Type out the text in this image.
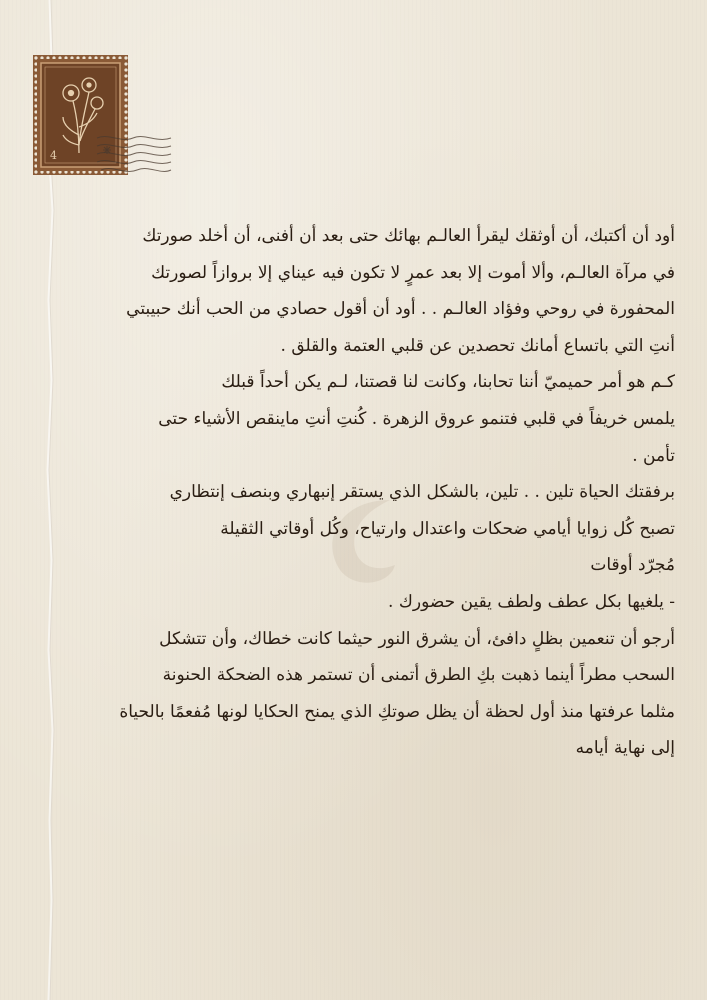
4
أود أن أكتبك، أن أوثقك ليقرأ العالـم بهائك حتى بعد أن أفنى، أن أخلد صورتك
في مرآة العالـم، وألا أموت إلا بعد عمرٍ لا تكون فيه عيناي إلا بروازاً لصورتك
المحفورة في روحي وفؤاد العالـم . . أود أن أقول حصادي من الحب أنك حبيبتي
أنتِ التي باتساع أمانك تحصدين عن قلبي العتمة والقلق .
كـم هو أمر حميميّ أننا تحابنا، وكانت لنا قصتنا، لـم يكن أحداً قبلك
يلمس خريفاً في قلبي فتنمو عروق الزهرة . كُنتِ أنتِ ماينقص الأشياء حتى
تأمن .
برفقتك الحياة تلين . . تلين، بالشكل الذي يستقر إنبهاري وبنصف إنتظاري
تصبح كُل زوايا أيامي ضحكات واعتدال وارتياح، وكُل أوقاتي الثقيلة
مُجرّد أوقات
- يلغيها بكل عطف ولطف يقين حضورك .
أرجو أن تنعمين بظلٍ دافئ، أن يشرق النور حيثما كانت خطاك، وأن تتشكل
السحب مطراً أينما ذهبت بكِ الطرق أتمنى أن تستمر هذه الضحكة الحنونة
مثلما عرفتها منذ أول لحظة أن يظل صوتكِ الذي يمنح الحكايا لونها مُفعمًا بالحياة
إلى نهاية أيامه
